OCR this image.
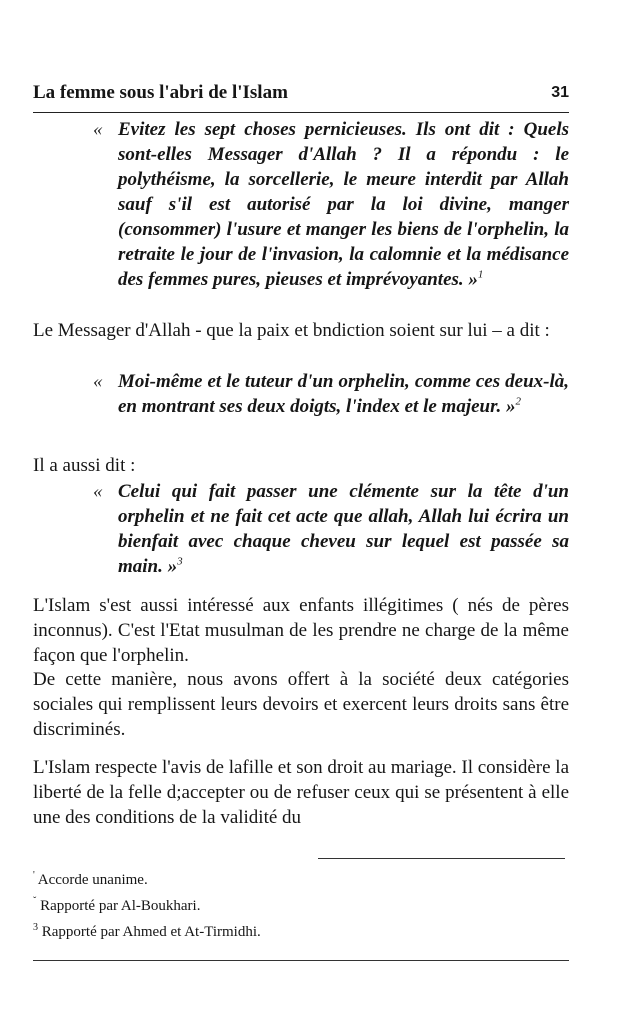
La femme sous l'abri de l'Islam	31
« Evitez les sept choses pernicieuses. Ils ont dit : Quels sont-elles Messager d'Allah ? Il a répondu : le polythéisme, la sorcellerie, le meure interdit par Allah sauf s'il est autorisé par la loi divine, manger (consommer) l'usure et manger les biens de l'orphelin, la retraite le jour de l'invasion, la calomnie et la médisance des femmes pures, pieuses et imprévoyantes. »$^1$
Le Messager d'Allah - que la paix et bndiction soient sur lui – a dit :
« Moi-même et le tuteur d'un orphelin, comme ces deux-là, en montrant ses deux doigts, l'index et le majeur. »$^2$
Il a aussi dit :
« Celui qui fait passer une clémente sur la tête d'un orphelin et ne fait cet acte que allah, Allah lui écrira un bienfait avec chaque cheveu sur lequel est passée sa main. »$^3$
L'Islam s'est aussi intéressé aux enfants illégitimes ( nés de pères inconnus). C'est l'Etat musulman de les prendre ne charge de la même façon que l'orphelin.
De cette manière, nous avons offert à la société deux catégories sociales qui remplissent leurs devoirs et exercent leurs droits sans être discriminés.
L'Islam respecte l'avis de lafille et son droit au mariage. Il considère la liberté de la felle d;accepter ou de refuser ceux qui se présentent à elle une des conditions de la validité du
' Accorde unanime.
$^ˇ$ Rapporté par Al-Boukhari.
$^3$ Rapporté par Ahmed et At-Tirmidhi.
